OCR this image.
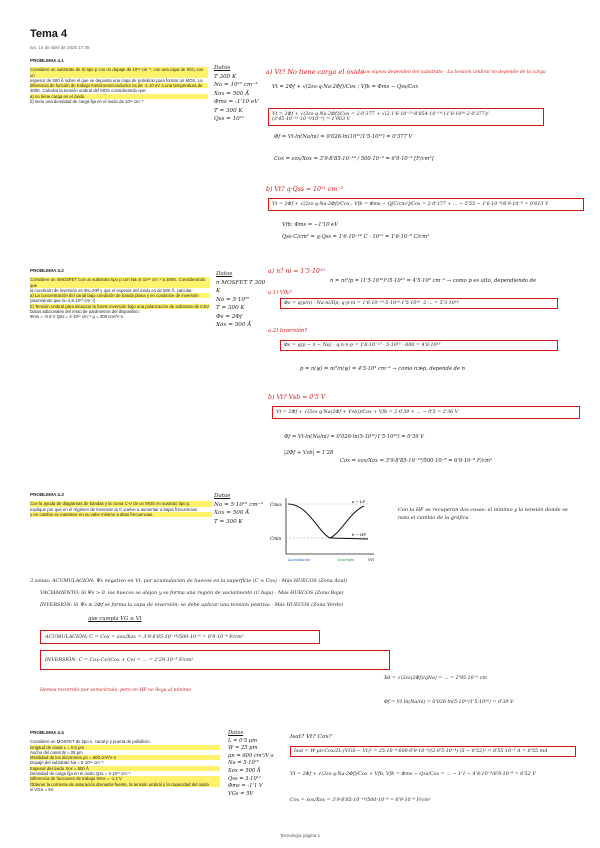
Tema 4
lun, 14 de abril de 2025 17:35
PROBLEMA 4.1

Considere un substrato de Si tipo p con un dopaje de 10¹⁶ cm⁻³, con una capa de SiO₂ con un

espesor de 500 Å sobre el que se deposita una capa de polisilicio para formar un MOS. La

diferencia de función de trabajo metal-semiconductor es de -1.10 eV a una temperatura de

300K. Calcular la tensión umbral del MOS considerando que:

a) no tiene carga en el óxido.

b) tiene una densidad de carga fija en el óxido de 10¹¹ cm⁻²

Datos
T 300 K
Na = 10¹⁶ cm⁻³
Xox = 500 Å
Φms = -1'10 eV
T = 300 K
Qss = 10¹¹
a) Vt? No tiene carga el óxido
Los signos dependen del substrato · La tensión umbral no depende de la carga
Vt = 2Φf + √(2εs·q·Na·2Φf)/Cox ; Vfb = Φms − Qss/Cox
Vt = 2Φf + √(2εs·q·Na·2Φf)/Cox = 2·0'377 + √(2·1'6·10⁻¹⁹·8'854·10⁻¹⁴·11'8·10¹⁶·2·0'377)/ (3'45·10⁻¹³·10⁻⁸/10⁻⁶) = 1'903 V
Φf = Vt·ln(Na/ni) = 0'026·ln(10¹⁶/1'5·10¹⁰) = 0'377 V
Cox = εox/Xox = 3'9·8'85·10⁻¹⁴ / 500·10⁻⁸ = 6'9·10⁻⁸ [F/cm²]
b) Vt? q·Qss = 10¹¹ cm⁻²
Vt = 2Φf + √(2εs·q·Na·2Φf)/Cox ; Vfb = Φms − Q[C/cm²]/Cox = 2·0'377 + … − 5'55 − 1'6·10⁻⁸/6'9·10⁻⁸ = 0'613 V
Vfb: Φms = −1'10 eV
Qss·C/cm² = q·Qss = 1'6·10⁻¹⁹ C · 10¹¹ = 1'6·10⁻⁸ C/cm²
PROBLEMA 4.2

Considere un nMOSFET con un substrato tipo p con Na=5·10¹⁶ cm⁻³ a 300K. Considerando que

la condición de inversión es Φs=2Φf y que el espesor del óxido es de 500 Å, calcular:

a) La concentración del canal bajo condición de banda plana y en condición de inversión

(asumiendo que ni=1,5·10¹⁰ cm⁻³)

b) Tensión umbral para alcanzar la fuerte inversión bajo una polarización de substrato de 0.5V

Datos adicionales del resto de parámetros del dispositivo:

Φms = -0.9 V Qss = 3·10¹¹ cm⁻² μ = 300 cm²/V·s

Datos
n MOSFET T 300 K
Na = 5·10¹⁶
T = 300 K
Φs = 2Φf
Xox = 500 Å
a) n? ni = 1'5·10¹⁰
n = ni²/p = (1'5·10¹⁰)²/5·10¹⁶ = 4'5·10³ cm⁻³ → como p es alto, dependiendo de
a.1) Vfb?
Φs = q(p/n) · Na·ni/Dp; q·p·ni = 1'6·10⁻¹⁹·5·10¹⁶·1'5·10¹⁰ ·2·… = 5'3·10¹⁴
a.2) Inversión?
Φs = q(p − n − Na) · q·n·n·p = 1'6·10⁻¹⁹ · 5·10¹⁶ · 600 = 4'8·10¹⁸
p = n(ψ) = ni²/n(ψ) = 4'5·10³ cm⁻³ → como n≫p, depende de n
b) Vt? Vsb = 0'5 V
Vt = 2Φf + √(2εs·q·Na(2Φf + Vsb))/Cox + Vfb = 2·0'39 + … − 0'5 = 2'36 V
Φf = Vt·ln(Na/ni) = 0'026·ln(5·10¹⁶/1'5·10¹⁰) = 0'39 V
|2Φf + Vsb| = 1'28
Cox = εox/Xox = 3'9·8'85·10⁻¹⁴/500·10⁻⁸ = 6'9·10⁻⁸ F/cm²
PROBLEMA 4.3

Con la ayuda de diagramas de bandas y la curva C-V de un MOS en sustrato tipo p,

explique por qué en el régimen de inversión la C vuelve a aumentar a bajas frecuencias

y en cambio se mantiene en su valor mínimo a altas frecuencias.

Datos
Na = 5·10¹⁶ cm⁻³
Xox = 500 Å
T = 300 K
Cmax
Cmin
a → LF
b → HF
VG
Acumulación	Inversión
Con la HF se recuperan dos cosas: el mínimo y la tensión donde se nota el cambio de la gráfica
3 zonas: ACUMULACIÓN: Ψs negativo en Vt, por acumulación de huecos en la superficie (C ≈ Cox) · Más HUECOS (Zona Azul)
VACIAMIENTO: Si Ψs > 0, los huecos se alejan y se forma una región de vaciamiento (C baja) · Más HUECOS (Zona Roja)
INVERSIÓN: Si Ψs ≥ 2Φf se forma la capa de inversión; se debe aplicar una tensión positiva · Más HUECOS (Zona Verde)
que cumpla VG ≥ Vt
ACUMULACIÓN: C = Cox = εox/Xox = 3'9·8'85·10⁻¹⁴/500·10⁻⁸ = 6'9·10⁻⁸ F/cm²
INVERSIÓN: C = Cox·Cs/(Cox + Cs) = … = 2'29·10⁻⁸ F/cm²
Hemos recorrido por semicírculo, pero en HF no llega al mínimo
Xd = √(2εs(2Φf)/qNa) = … = 2'95·10⁻⁵ cm
Φf = Vt·ln(Na/ni) = 0'026·ln(5·10¹⁶/1'5·10¹⁰) = 0'39 V
PROBLEMA 4.4

Considere un MOSFET de tipo n, canal p y puerta de polisilicio.

longitud de canal L = 0,5 μm

Ancho del canal W = 25 μm

Movilidad de los electrones μn = 600 cm²/V·s

Dopaje del substrato Na = 5·10¹⁶ cm⁻³

Espesor del óxido Xox = 500 Å

Densidad de carga fija en el óxido Qss = 3·10¹¹ cm⁻²

Diferencia de funciones de trabajo Φms = -1,1 V

Obtener la corriente de saturación drenador-fuente, la tensión umbral y la capacidad del óxido

si VGS = 5V

Datos
L = 0'5 μm
W = 25 μm
μn = 600 cm²/V·s
Na = 5·10¹⁶
Xox = 500 Å
Qss = 3·10¹¹
Φms = -1'1 V
VGs = 5V
Isat? Vt? Cox?
Isat = W·μn·Cox/2L·(VGS − Vt)² = 25·10⁻⁴·600·6'9·10⁻⁸/(2·0'5·10⁻⁴)·(5 − 0'52)² = 8'55·10⁻³ A = 8'55 mA
Vt = 2Φf + √(2εs·q·Na·2Φf)/Cox + Vfb; Vfb = Φms − Qss/Cox = … − 1'1 − 4'8·10⁻⁸/6'9·10⁻⁸ = 0'52 V
Cox = εox/Xox = 3'9·8'85·10⁻¹⁴/500·10⁻⁸ = 6'9·10⁻⁸ F/cm²
Tecnología página 1
